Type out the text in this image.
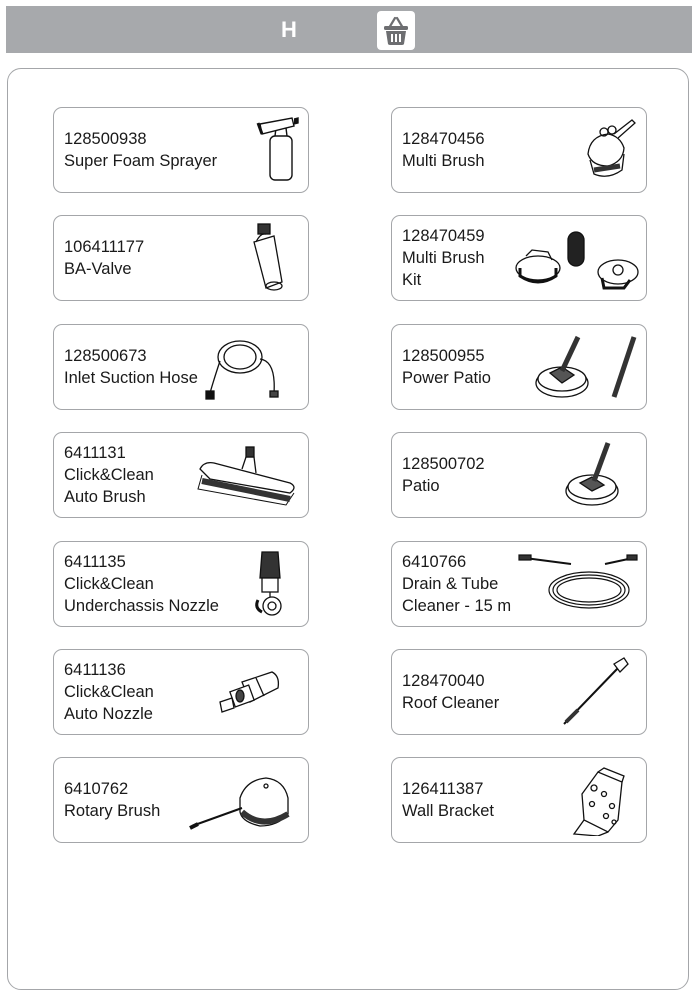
H
128500938
Super Foam Sprayer
128470456
Multi Brush
106411177
BA-Valve
128470459
Multi Brush
Kit
128500673
Inlet Suction Hose
128500955
Power Patio
6411131
Click&Clean
Auto Brush
128500702
Patio
6411135
Click&Clean
Underchassis Nozzle
6410766
Drain & Tube
Cleaner - 15 m
6411136
Click&Clean
Auto Nozzle
128470040
Roof Cleaner
6410762
Rotary Brush
126411387
Wall Bracket
